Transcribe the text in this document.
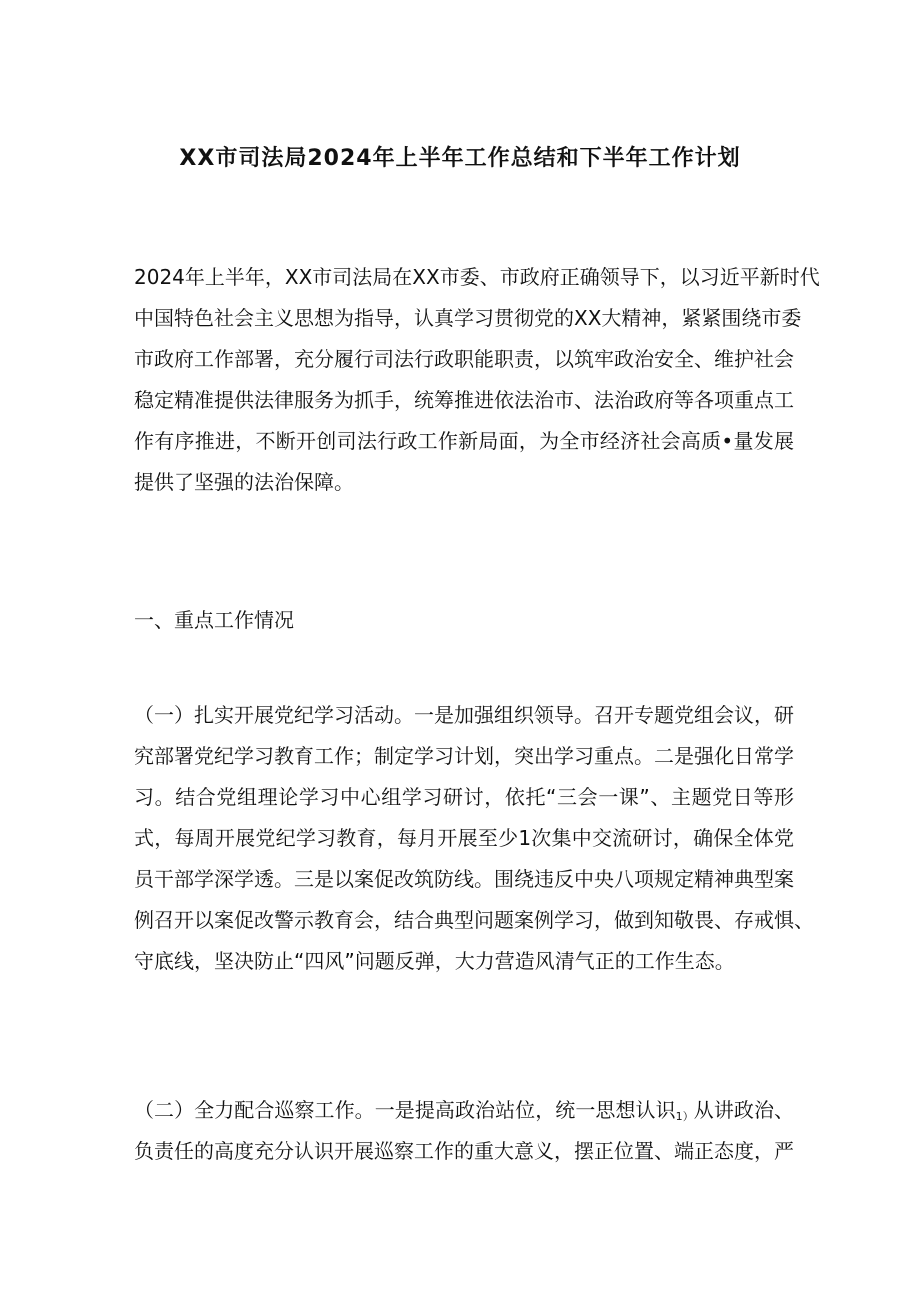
XX市司法局2024年上半年工作总结和下半年工作计划
2024年上半年，XX市司法局在XX市委、市政府正确领导下，以习近平新时代
中国特色社会主义思想为指导，认真学习贯彻党的XX大精神，紧紧围绕市委
市政府工作部署，充分履行司法行政职能职责，以筑牢政治安全、维护社会
稳定精准提供法律服务为抓手，统筹推进依法治市、法治政府等各项重点工
作有序推进，不断开创司法行政工作新局面，为全市经济社会高质•量发展
提供了坚强的法治保障。
一、重点工作情况
（一）扎实开展党纪学习活动。一是加强组织领导。召开专题党组会议，研
究部署党纪学习教育工作；制定学习计划，突出学习重点。二是强化日常学
习。结合党组理论学习中心组学习研讨，依托“三会一课”、主题党日等形
式，每周开展党纪学习教育，每月开展至少1次集中交流研讨，确保全体党
员干部学深学透。三是以案促改筑防线。围绕违反中央八项规定精神典型案
例召开以案促改警示教育会，结合典型问题案例学习，做到知敬畏、存戒惧、
守底线，坚决防止“四风”问题反弹，大力营造风清气正的工作生态。
（二）全力配合巡察工作。一是提高政治站位，统一思想认识$_{1)}$从讲政治、
负责任的高度充分认识开展巡察工作的重大意义，摆正位置、端正态度，严
